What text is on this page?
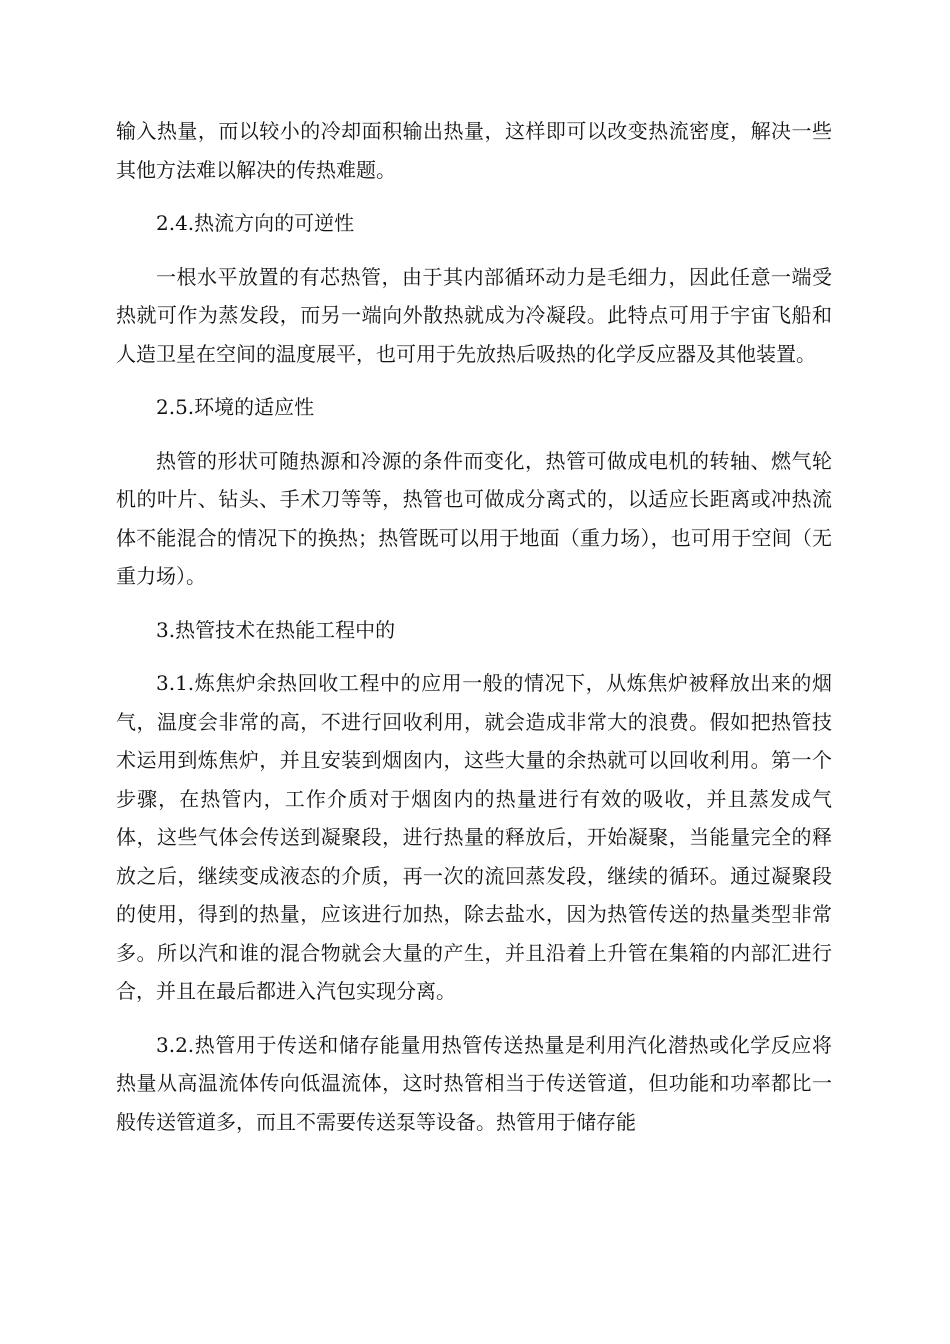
输入热量，而以较小的冷却面积输出热量，这样即可以改变热流密度，解决一些其他方法难以解决的传热难题。

2.4.热流方向的可逆性

一根水平放置的有芯热管，由于其内部循环动力是毛细力，因此任意一端受热就可作为蒸发段，而另一端向外散热就成为冷凝段。此特点可用于宇宙飞船和人造卫星在空间的温度展平，也可用于先放热后吸热的化学反应器及其他装置。

2.5.环境的适应性

热管的形状可随热源和冷源的条件而变化，热管可做成电机的转轴、燃气轮机的叶片、钻头、手术刀等等，热管也可做成分离式的，以适应长距离或冲热流体不能混合的情况下的换热；热管既可以用于地面（重力场），也可用于空间（无重力场）。

3.热管技术在热能工程中的

3.1.炼焦炉余热回收工程中的应用一般的情况下，从炼焦炉被释放出来的烟气，温度会非常的高，不进行回收利用，就会造成非常大的浪费。假如把热管技术运用到炼焦炉，并且安装到烟囱内，这些大量的余热就可以回收利用。第一个步骤，在热管内，工作介质对于烟囱内的热量进行有效的吸收，并且蒸发成气体，这些气体会传送到凝聚段，进行热量的释放后，开始凝聚，当能量完全的释放之后，继续变成液态的介质，再一次的流回蒸发段，继续的循环。通过凝聚段的使用，得到的热量，应该进行加热，除去盐水，因为热管传送的热量类型非常多。所以汽和谁的混合物就会大量的产生，并且沿着上升管在集箱的内部汇进行合，并且在最后都进入汽包实现分离。

3.2.热管用于传送和储存能量用热管传送热量是利用汽化潜热或化学反应将热量从高温流体传向低温流体，这时热管相当于传送管道，但功能和功率都比一般传送管道多，而且不需要传送泵等设备。热管用于储存能
